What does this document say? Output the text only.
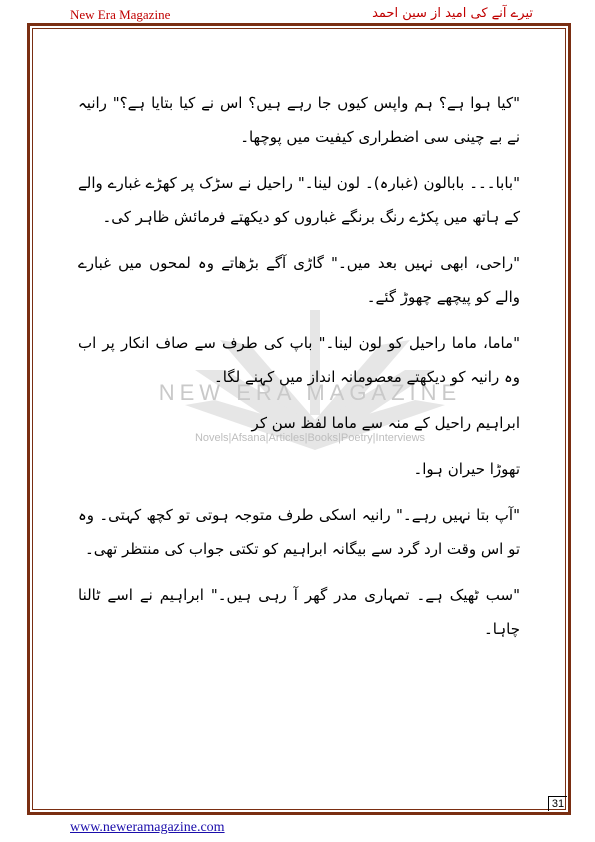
New Era Magazine	تیرے آنے کی امید از سین احمد
NEW ERA MAGAZINE
Novels|Afsana|Articles|Books|Poetry|Interviews

"کیا ہوا ہے؟ ہم واپس کیوں جا رہے ہیں؟ اس نے کیا بتایا ہے؟" رانیہ نے بے چینی سی اضطراری کیفیت میں پوچھا۔

"بابا۔۔۔ بابالون (غبارہ)۔ لون لینا۔" راحیل نے سڑک پر کھڑے غبارے والے کے ہاتھ میں پکڑے رنگ برنگے غباروں کو دیکھتے فرمائش ظاہر کی۔

"راحی، ابھی نہیں بعد میں۔" گاڑی آگے بڑھاتے وہ لمحوں میں غبارے والے کو پیچھے چھوڑ گئے۔

"ماما، ماما راحیل کو لون لینا۔" باپ کی طرف سے صاف انکار پر اب وہ رانیہ کو دیکھتے معصومانہ انداز میں کہنے لگا۔

ابراہیم راحیل کے منہ سے ماما لفظ سن کر

تھوڑا حیران ہوا۔

"آپ بتا نہیں رہے۔" رانیہ اسکی طرف متوجہ ہوتی تو کچھ کہتی۔ وہ تو اس وقت ارد گرد سے بیگانہ ابراہیم کو تکتی جواب کی منتظر تھی۔

"سب ٹھیک ہے۔ تمہاری مدر گھر آ رہی ہیں۔" ابراہیم نے اسے ٹالنا چاہا۔

31
www.neweramagazine.com
